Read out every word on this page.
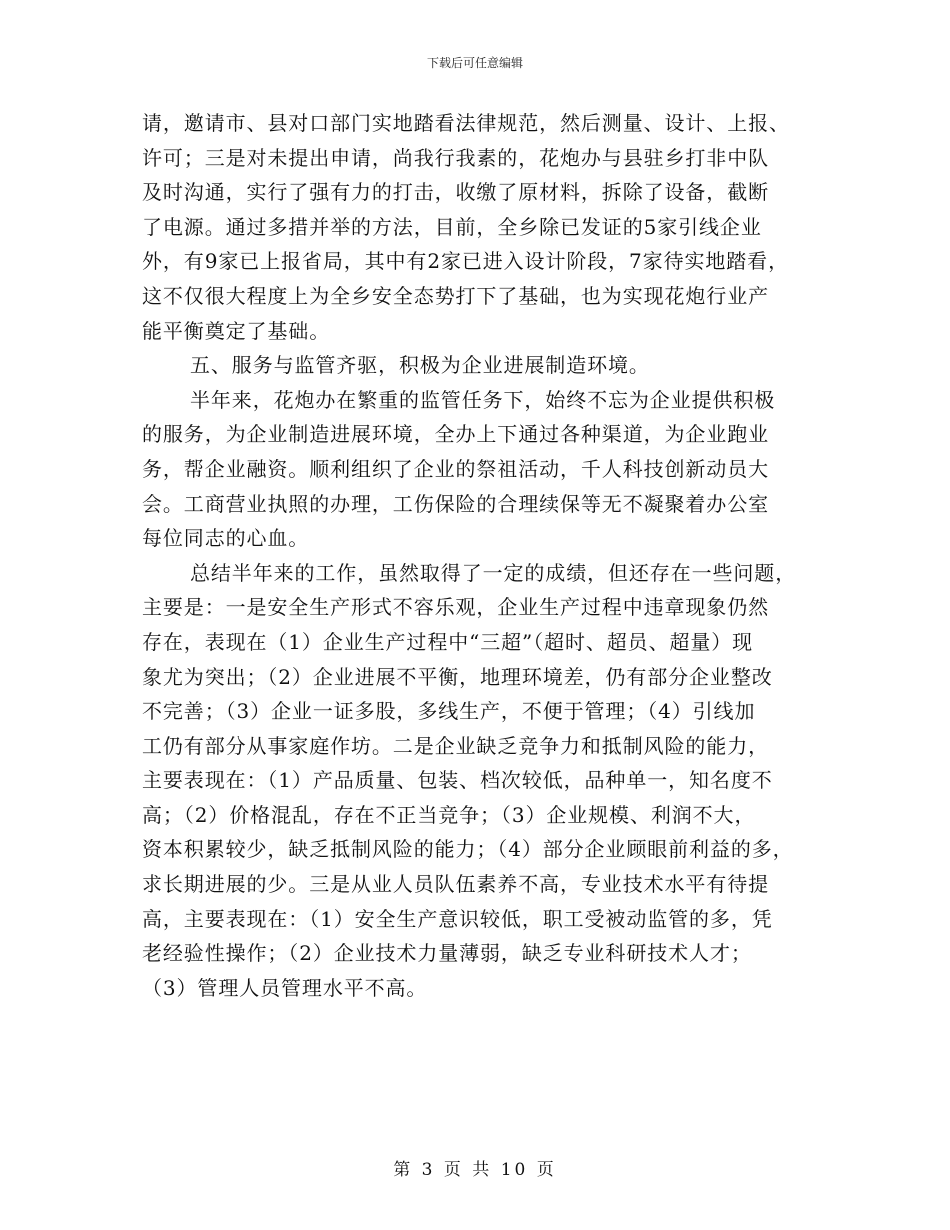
下载后可任意编辑
请，邀请市、县对口部门实地踏看法律规范，然后测量、设计、上报、
许可；三是对未提出申请，尚我行我素的，花炮办与县驻乡打非中队
及时沟通，实行了强有力的打击，收缴了原材料，拆除了设备，截断
了电源。通过多措并举的方法，目前，全乡除已发证的5家引线企业
外，有9家已上报省局，其中有2家已进入设计阶段，7家待实地踏看，
这不仅很大程度上为全乡安全态势打下了基础，也为实现花炮行业产
能平衡奠定了基础。
五、服务与监管齐驱，积极为企业进展制造环境。
半年来，花炮办在繁重的监管任务下，始终不忘为企业提供积极
的服务，为企业制造进展环境，全办上下通过各种渠道，为企业跑业
务，帮企业融资。顺利组织了企业的祭祖活动，千人科技创新动员大
会。工商营业执照的办理，工伤保险的合理续保等无不凝聚着办公室
每位同志的心血。
总结半年来的工作，虽然取得了一定的成绩，但还存在一些问题，
主要是：一是安全生产形式不容乐观，企业生产过程中违章现象仍然
存在，表现在（1）企业生产过程中“三超”（超时、超员、超量）现
象尤为突出；（2）企业进展不平衡，地理环境差，仍有部分企业整改
不完善；（3）企业一证多股，多线生产，不便于管理；（4）引线加
工仍有部分从事家庭作坊。二是企业缺乏竞争力和抵制风险的能力，
主要表现在：（1）产品质量、包装、档次较低，品种单一，知名度不
高；（2）价格混乱，存在不正当竞争；（3）企业规模、利润不大，
资本积累较少，缺乏抵制风险的能力；（4）部分企业顾眼前利益的多，
求长期进展的少。三是从业人员队伍素养不高，专业技术水平有待提
高，主要表现在：（1）安全生产意识较低，职工受被动监管的多，凭
老经验性操作；（2）企业技术力量薄弱，缺乏专业科研技术人才；
（3）管理人员管理水平不高。
第 3 页 共 10 页
